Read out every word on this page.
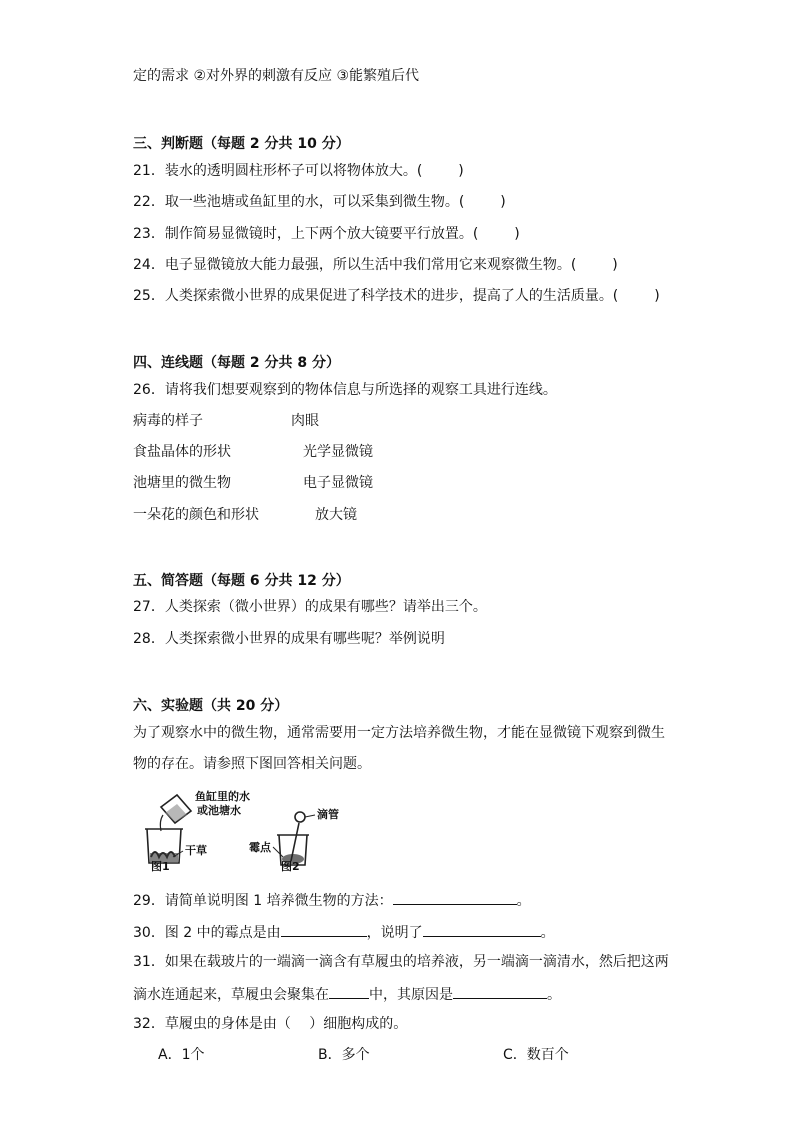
定的需求 ②对外界的刺激有反应 ③能繁殖后代
三、判断题（每题 2 分共 10 分）
21．装水的透明圆柱形杯子可以将物体放大。(	)
22．取一些池塘或鱼缸里的水，可以采集到微生物。(	)
23．制作简易显微镜时，上下两个放大镜要平行放置。(	)
24．电子显微镜放大能力最强，所以生活中我们常用它来观察微生物。(	)
25．人类探索微小世界的成果促进了科学技术的进步，提高了人的生活质量。(	)
四、连线题（每题 2 分共 8 分）
26．请将我们想要观察到的物体信息与所选择的观察工具进行连线。
病毒的样子	肉眼
食盐晶体的形状	光学显微镜
池塘里的微生物	电子显微镜
一朵花的颜色和形状	放大镜
五、简答题（每题 6 分共 12 分）
27．人类探索（微小世界）的成果有哪些？请举出三个。
28．人类探索微小世界的成果有哪些呢？举例说明
六、实验题（共 20 分）
为了观察水中的微生物，通常需要用一定方法培养微生物，才能在显微镜下观察到微生
物的存在。请参照下图回答相关问题。
鱼缸里的水
或池塘水
干草
图1
滴管
霉点
图2
29．请简单说明图 1 培养微生物的方法：	。
30．图 2 中的霉点是由	，说明了	。
31．如果在载玻片的一端滴一滴含有草履虫的培养液，另一端滴一滴清水，然后把这两
滴水连通起来，草履虫会聚集在	中，其原因是	。
32．草履虫的身体是由（　 ）细胞构成的。
A．1个	B．多个	C．数百个
